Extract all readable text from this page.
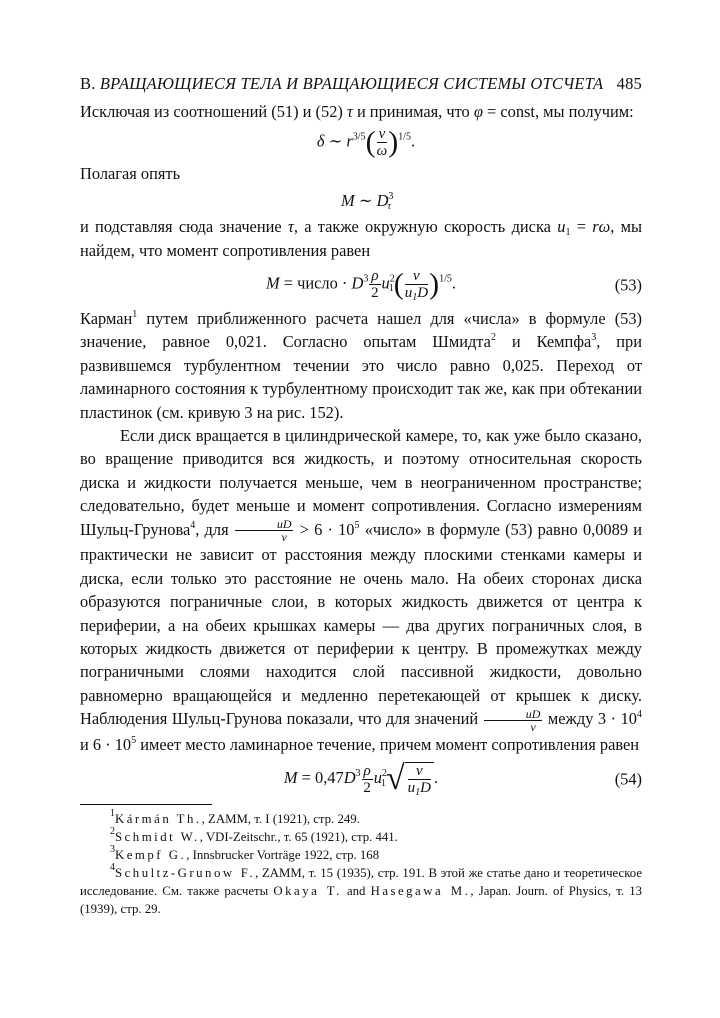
В. ВРАЩАЮЩИЕСЯ ТЕЛА И ВРАЩАЮЩИЕСЯ СИСТЕМЫ ОТСЧЕТА 485

Исключая из соотношений (51) и (52) τ и принимая, что φ = const, мы получим:

δ ∼ $r^{3/5}( \frac{\nu}{\omega} )^{1/5}$.

Полагая опять

M ∼ $D^3_\tau$

и подставляя сюда значение τ, а также окружную скорость диска $u_1 = r\omega$, мы найдем, что момент сопротивления равен

M = число · $D^3 \frac{\rho}{2} u^2_1( \frac{\nu}{u_1D} )^{1/5}$.	(53)

Карман$^1$ путем приближенного расчета нашел для «числа» в формуле (53) значение, равное 0,021. Согласно опытам Шмидта$^2$ и Кемпфа$^3$, при развившемся турбулентном течении это число равно 0,025. Переход от ламинарного состояния к турбулентному происходит так же, как при обтекании пластинок (см. кривую 3 на рис. 152).

Если диск вращается в цилиндрической камере, то, как уже было сказано, во вращение приводится вся жидкость, и поэтому относительная скорость диска и жидкости получается меньше, чем в неограниченном пространстве; следовательно, будет меньше и момент сопротивления. Согласно измерениям Шульц-Грунова$^4$, для $\frac{uD}{\nu} > 6 \cdot 10^5$ «число» в формуле (53) равно 0,0089 и практически не зависит от расстояния между плоскими стенками камеры и диска, если только это расстояние не очень мало. На обеих сторонах диска образуются пограничные слои, в которых жидкость движется от центра к периферии, а на обеих крышках камеры — два других пограничных слоя, в которых жидкость движется от периферии к центру. В промежутках между пограничными слоями находится слой пассивной жидкости, довольно равномерно вращающейся и медленно перетекающей от крышек к диску. Наблюдения Шульц-Грунова показали, что для значений $\frac{uD}{\nu}$ между $3 \cdot 10^4$ и $6 \cdot 10^5$ имеет место ламинарное течение, причем момент сопротивления равен

$M = 0,47D^3 \frac{\rho}{2} u^2_1√ \frac{\nu}{u_1D}$ .	(54)

$^1$Kármán Th., ZAMM, т. I (1921), стр. 249.

$^2$Schmidt W., VDI-Zeitschr., т. 65 (1921), стр. 441.

$^3$Kempf G., Innsbrucker Vorträge 1922, стр. 168

$^4$Schultz-Grunow F., ZAMM, т. 15 (1935), стр. 191. В этой же статье дано и теоретическое исследование. См. также расчеты Okaya T. and Hasegawa M., Japan. Journ. of Physics, т. 13 (1939), стр. 29.
